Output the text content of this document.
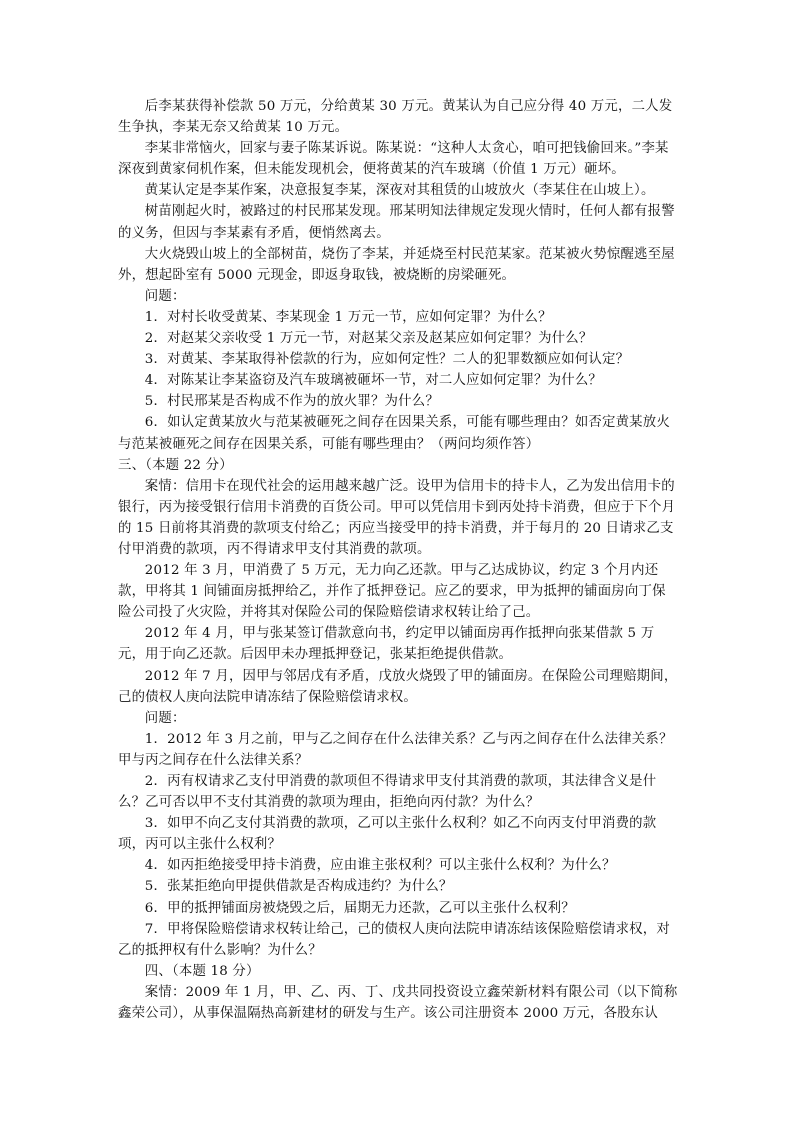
后李某获得补偿款 50 万元，分给黄某 30 万元。黄某认为自己应分得 40 万元，二人发生争执，李某无奈又给黄某 10 万元。

李某非常恼火，回家与妻子陈某诉说。陈某说：“这种人太贪心，咱可把钱偷回来。”李某深夜到黄家伺机作案，但未能发现机会，便将黄某的汽车玻璃（价值 1 万元）砸坏。

黄某认定是李某作案，决意报复李某，深夜对其租赁的山坡放火（李某住在山坡上）。

树苗刚起火时，被路过的村民邢某发现。邢某明知法律规定发现火情时，任何人都有报警的义务，但因与李某素有矛盾，便悄然离去。

大火烧毁山坡上的全部树苗，烧伤了李某，并延烧至村民范某家。范某被火势惊醒逃至屋外，想起卧室有 5000 元现金，即返身取钱，被烧断的房梁砸死。

问题：

1．对村长收受黄某、李某现金 1 万元一节，应如何定罪？为什么？

2．对赵某父亲收受 1 万元一节，对赵某父亲及赵某应如何定罪？为什么？

3．对黄某、李某取得补偿款的行为，应如何定性？二人的犯罪数额应如何认定？

4．对陈某让李某盗窃及汽车玻璃被砸坏一节，对二人应如何定罪？为什么？

5．村民邢某是否构成不作为的放火罪？为什么？

6．如认定黄某放火与范某被砸死之间存在因果关系，可能有哪些理由？如否定黄某放火与范某被砸死之间存在因果关系，可能有哪些理由？（两问均须作答）

三、（本题 22 分）

案情：信用卡在现代社会的运用越来越广泛。设甲为信用卡的持卡人，乙为发出信用卡的银行，丙为接受银行信用卡消费的百货公司。甲可以凭信用卡到丙处持卡消费，但应于下个月的 15 日前将其消费的款项支付给乙；丙应当接受甲的持卡消费，并于每月的 20 日请求乙支付甲消费的款项，丙不得请求甲支付其消费的款项。

2012 年 3 月，甲消费了 5 万元，无力向乙还款。甲与乙达成协议，约定 3 个月内还款，甲将其 1 间铺面房抵押给乙，并作了抵押登记。应乙的要求，甲为抵押的铺面房向丁保险公司投了火灾险，并将其对保险公司的保险赔偿请求权转让给了己。

2012 年 4 月，甲与张某签订借款意向书，约定甲以铺面房再作抵押向张某借款 5 万元，用于向乙还款。后因甲未办理抵押登记，张某拒绝提供借款。

2012 年 7 月，因甲与邻居戊有矛盾，戊放火烧毁了甲的铺面房。在保险公司理赔期间，己的债权人庚向法院申请冻结了保险赔偿请求权。

问题：

1．2012 年 3 月之前，甲与乙之间存在什么法律关系？乙与丙之间存在什么法律关系？甲与丙之间存在什么法律关系？

2．丙有权请求乙支付甲消费的款项但不得请求甲支付其消费的款项，其法律含义是什么？乙可否以甲不支付其消费的款项为理由，拒绝向丙付款？为什么？

3．如甲不向乙支付其消费的款项，乙可以主张什么权利？如乙不向丙支付甲消费的款项，丙可以主张什么权利？

4．如丙拒绝接受甲持卡消费，应由谁主张权利？可以主张什么权利？为什么？

5．张某拒绝向甲提供借款是否构成违约？为什么？

6．甲的抵押铺面房被烧毁之后，届期无力还款，乙可以主张什么权利？

7．甲将保险赔偿请求权转让给己，己的债权人庚向法院申请冻结该保险赔偿请求权，对乙的抵押权有什么影响？为什么？

四、（本题 18 分）

案情：2009 年 1 月，甲、乙、丙、丁、戊共同投资设立鑫荣新材料有限公司（以下简称鑫荣公司），从事保温隔热高新建材的研发与生产。该公司注册资本 2000 万元，各股东认
